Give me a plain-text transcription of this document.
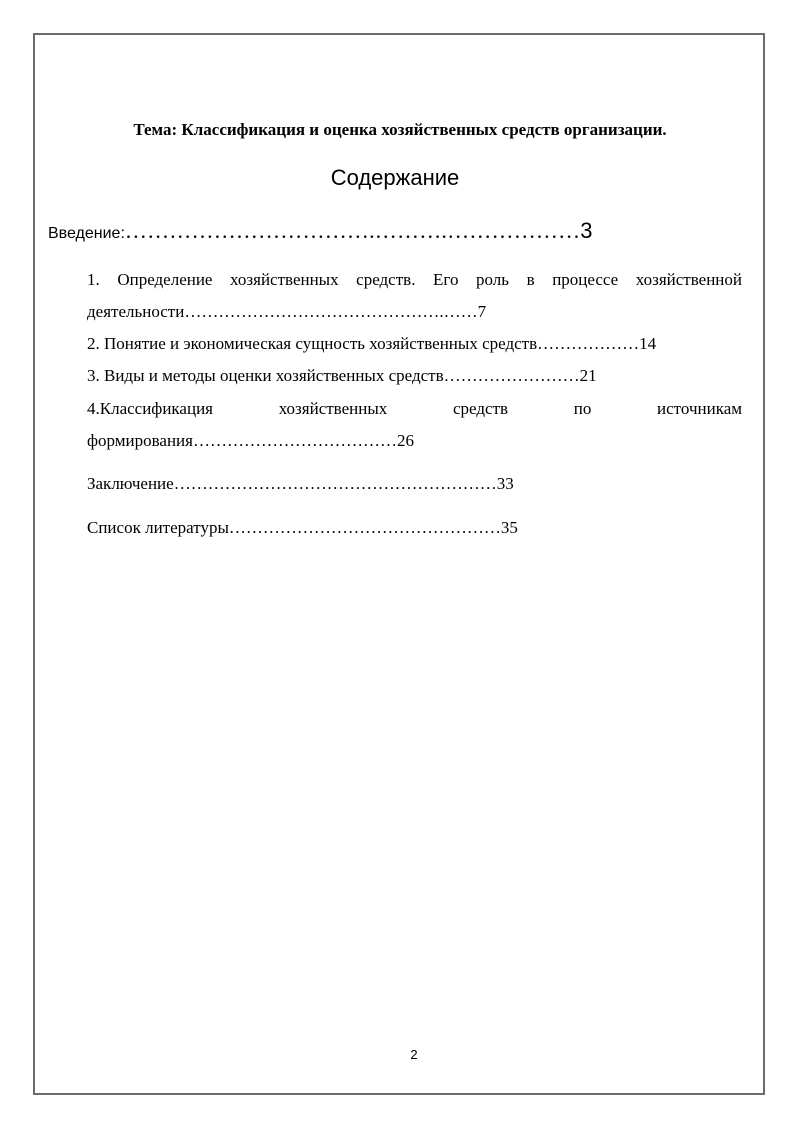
Тема: Классификация и оценка хозяйственных средств организации.
Содержание
Введение:…………………………….……….………………3
1. Определение хозяйственных средств. Его роль в процессе хозяйственной
деятельности……………………………………….……7
2. Понятие и экономическая сущность хозяйственных средств………………14
3. Виды и методы оценки хозяйственных средств……………………21
4.Классификация хозяйственных средств по источникам
формирования………………………………26
Заключение…………………………………………………33
Список литературы…………………………………………35
2
